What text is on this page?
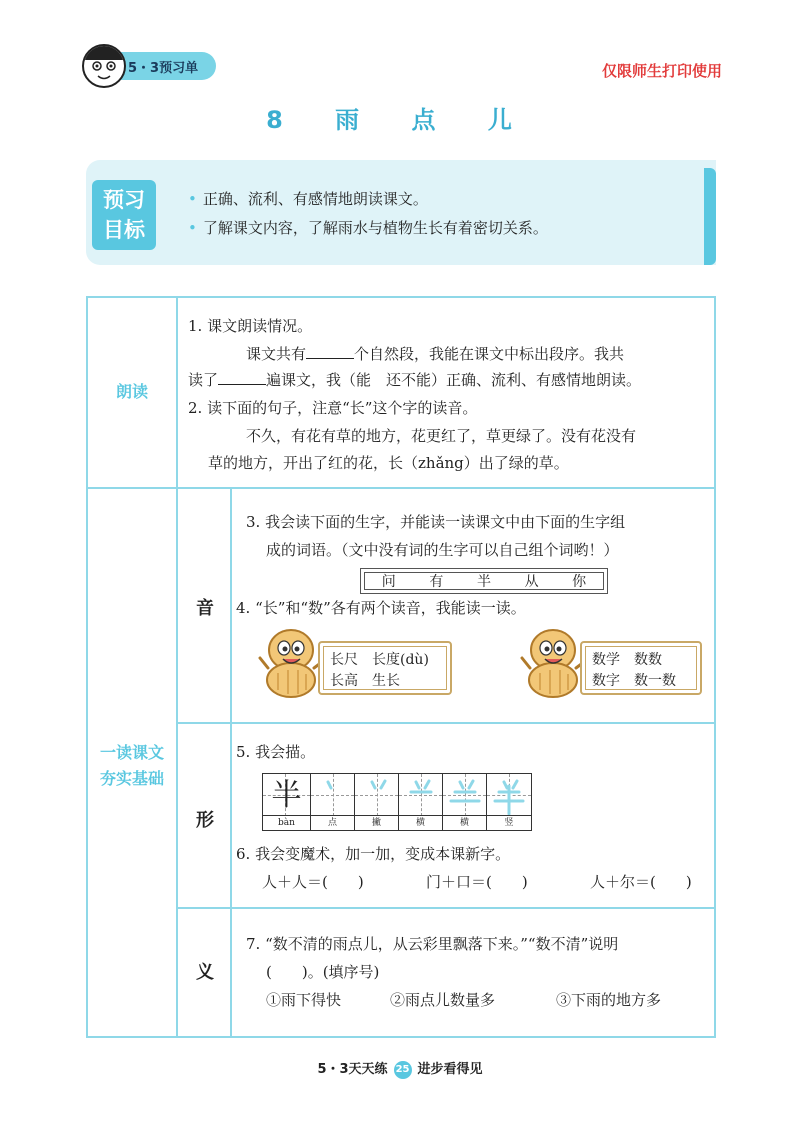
5・3预习单	仅限师生打印使用
8 雨 点 儿
预习
目标
• 正确、流利、有感情地朗读课文。
• 了解课文内容，了解雨水与植物生长有着密切关系。
朗读
1. 课文朗读情况。
课文共有	个自然段，我能在课文中标出段序。我共
读了	遍课文，我（能　还不能）正确、流利、有感情地朗读。
2. 读下面的句子，注意“长”这个字的读音。
不久，有花有草的地方，花更红了，草更绿了。没有花没有
草的地方，开出了红的花，长（zhǎng）出了绿的草。
一读课文
夯实基础
音
3. 我会读下面的生字，并能读一读课文中由下面的生字组
成的词语。（文中没有词的生字可以自己组个词哟！）
问 有 半 从 你
4. “长”和“数”各有两个读音，我能读一读。
长尺　长度(dù)
长高　生长
数学　数数
数字　数一数
形
5. 我会描。
半
bàn	点	撇	横	横	竖
6. 我会变魔术，加一加，变成本课新字。
人＋人＝(　　)	门＋口＝(　　)	人＋尔＝(　　)
义
7. “数不清的雨点儿，从云彩里飘落下来。”“数不清”说明
(　　)。(填序号)
①雨下得快	②雨点儿数量多	③下雨的地方多
5・3天天练 25 进步看得见
